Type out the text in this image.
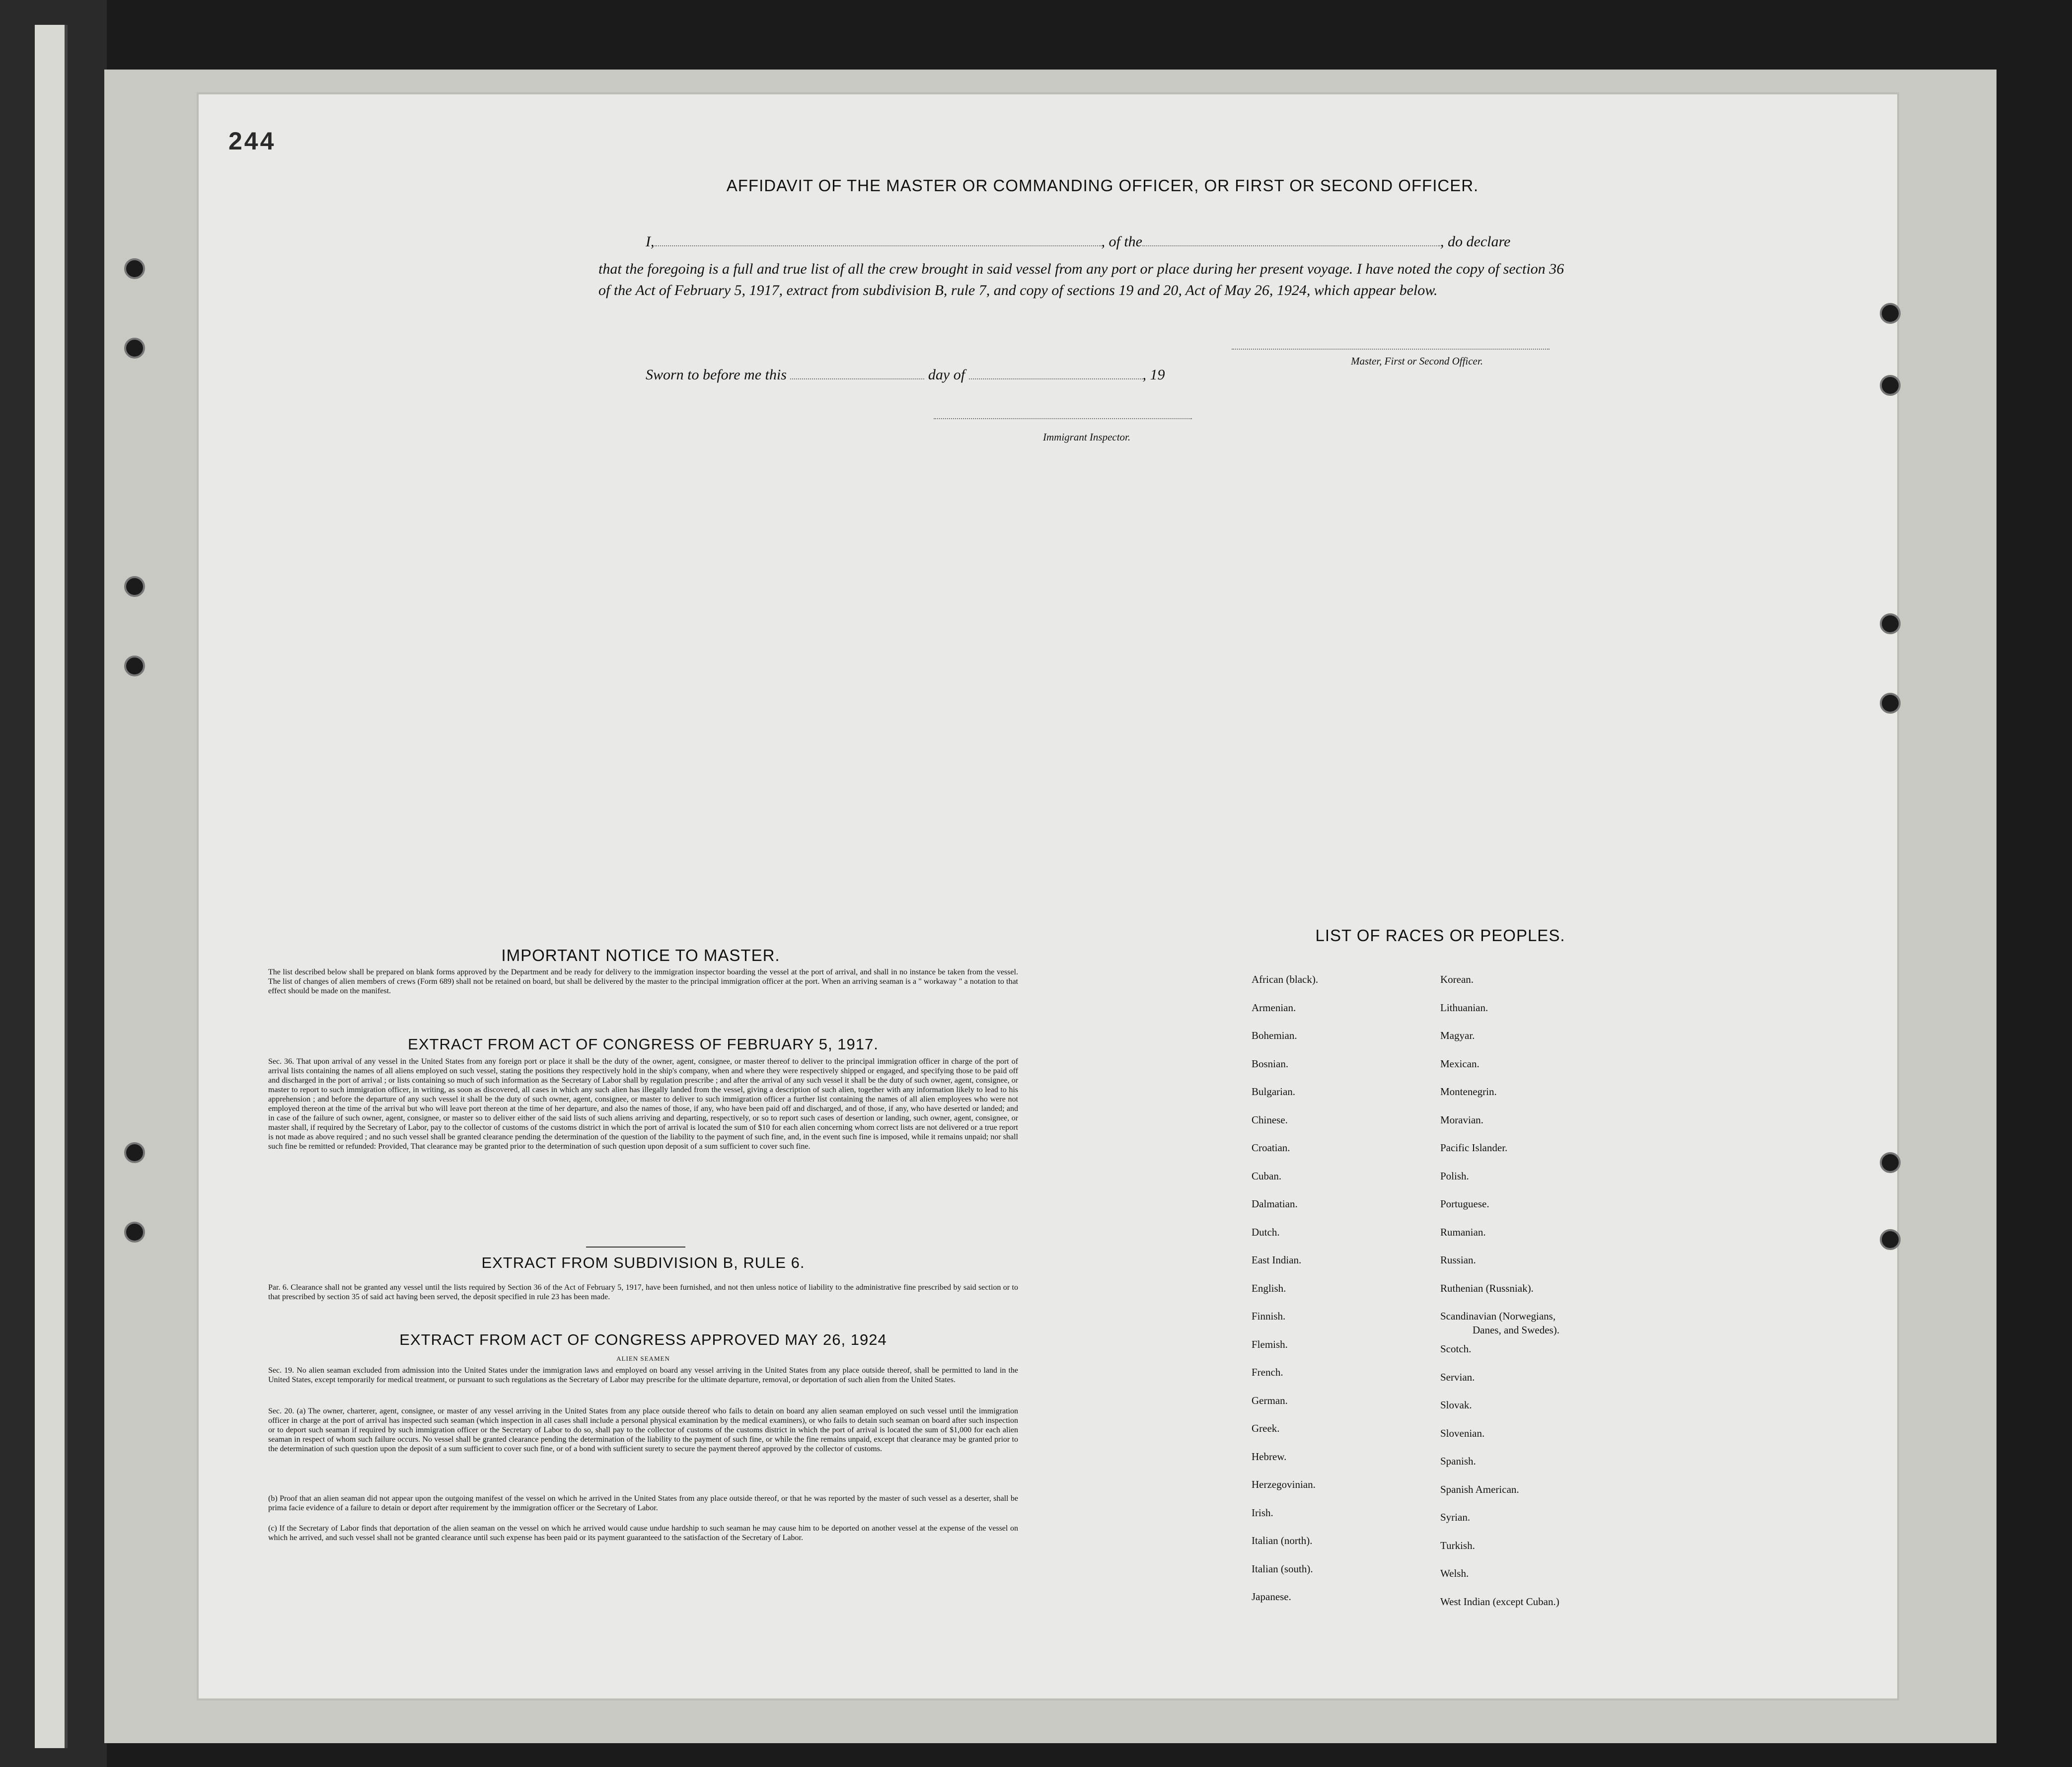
244
AFFIDAVIT OF THE MASTER OR COMMANDING OFFICER, OR FIRST OR SECOND OFFICER.
I,	, of the	, do declare
that the foregoing is a full and true list of all the crew brought in said vessel from any port or place during her present voyage. I have noted the copy of section 36 of the Act of February 5, 1917, extract from subdivision B, rule 7, and copy of sections 19 and 20, Act of May 26, 1924, which appear below.
Master, First or Second Officer.
Sworn to before me this	day of	, 19
Immigrant Inspector.
IMPORTANT NOTICE TO MASTER.
The list described below shall be prepared on blank forms approved by the Department and be ready for delivery to the immigration inspector boarding the vessel at the port of arrival, and shall in no instance be taken from the vessel. The list of changes of alien members of crews (Form 689) shall not be retained on board, but shall be delivered by the master to the principal immigration officer at the port. When an arriving seaman is a " workaway " a notation to that effect should be made on the manifest.
EXTRACT FROM ACT OF CONGRESS OF FEBRUARY 5, 1917.
Sec. 36. That upon arrival of any vessel in the United States from any foreign port or place it shall be the duty of the owner, agent, consignee, or master thereof to deliver to the principal immigration officer in charge of the port of arrival lists containing the names of all aliens employed on such vessel, stating the positions they respectively hold in the ship's company, when and where they were respectively shipped or engaged, and specifying those to be paid off and discharged in the port of arrival ; or lists containing so much of such information as the Secretary of Labor shall by regulation prescribe ; and after the arrival of any such vessel it shall be the duty of such owner, agent, consignee, or master to report to such immigration officer, in writing, as soon as discovered, all cases in which any such alien has illegally landed from the vessel, giving a description of such alien, together with any information likely to lead to his apprehension ; and before the departure of any such vessel it shall be the duty of such owner, agent, consignee, or master to deliver to such immigration officer a further list containing the names of all alien employees who were not employed thereon at the time of the arrival but who will leave port thereon at the time of her departure, and also the names of those, if any, who have been paid off and discharged, and of those, if any, who have deserted or landed; and in case of the failure of such owner, agent, consignee, or master so to deliver either of the said lists of such aliens arriving and departing, respectively, or so to report such cases of desertion or landing, such owner, agent, consignee, or master shall, if required by the Secretary of Labor, pay to the collector of customs of the customs district in which the port of arrival is located the sum of $10 for each alien concerning whom correct lists are not delivered or a true report is not made as above required ; and no such vessel shall be granted clearance pending the determination of the question of the liability to the payment of such fine, and, in the event such fine is imposed, while it remains unpaid; nor shall such fine be remitted or refunded: Provided, That clearance may be granted prior to the determination of such question upon deposit of a sum sufficient to cover such fine.
EXTRACT FROM SUBDIVISION B, RULE 6.
Par. 6. Clearance shall not be granted any vessel until the lists required by Section 36 of the Act of February 5, 1917, have been furnished, and not then unless notice of liability to the administrative fine prescribed by said section or to that prescribed by section 35 of said act having been served, the deposit specified in rule 23 has been made.
EXTRACT FROM ACT OF CONGRESS APPROVED MAY 26, 1924
ALIEN SEAMEN
Sec. 19. No alien seaman excluded from admission into the United States under the immigration laws and employed on board any vessel arriving in the United States from any place outside thereof, shall be permitted to land in the United States, except temporarily for medical treatment, or pursuant to such regulations as the Secretary of Labor may prescribe for the ultimate departure, removal, or deportation of such alien from the United States.
Sec. 20. (a) The owner, charterer, agent, consignee, or master of any vessel arriving in the United States from any place outside thereof who fails to detain on board any alien seaman employed on such vessel until the immigration officer in charge at the port of arrival has inspected such seaman (which inspection in all cases shall include a personal physical examination by the medical examiners), or who fails to detain such seaman on board after such inspection or to deport such seaman if required by such immigration officer or the Secretary of Labor to do so, shall pay to the collector of customs of the customs district in which the port of arrival is located the sum of $1,000 for each alien seaman in respect of whom such failure occurs. No vessel shall be granted clearance pending the determination of the liability to the payment of such fine, or while the fine remains unpaid, except that clearance may be granted prior to the determination of such question upon the deposit of a sum sufficient to cover such fine, or of a bond with sufficient surety to secure the payment thereof approved by the collector of customs.
(b) Proof that an alien seaman did not appear upon the outgoing manifest of the vessel on which he arrived in the United States from any place outside thereof, or that he was reported by the master of such vessel as a deserter, shall be prima facie evidence of a failure to detain or deport after requirement by the immigration officer or the Secretary of Labor.
(c) If the Secretary of Labor finds that deportation of the alien seaman on the vessel on which he arrived would cause undue hardship to such seaman he may cause him to be deported on another vessel at the expense of the vessel on which he arrived, and such vessel shall not be granted clearance until such expense has been paid or its payment guaranteed to the satisfaction of the Secretary of Labor.
LIST OF RACES OR PEOPLES.
African (black).
Armenian.
Bohemian.
Bosnian.
Bulgarian.
Chinese.
Croatian.
Cuban.
Dalmatian.
Dutch.
East Indian.
English.
Finnish.
Flemish.
French.
German.
Greek.
Hebrew.
Herzegovinian.
Irish.
Italian (north).
Italian (south).
Japanese.
Korean.
Lithuanian.
Magyar.
Mexican.
Montenegrin.
Moravian.
Pacific Islander.
Polish.
Portuguese.
Rumanian.
Russian.
Ruthenian (Russniak).
Scandinavian (Norwegians,
Danes, and Swedes).
Scotch.
Servian.
Slovak.
Slovenian.
Spanish.
Spanish American.
Syrian.
Turkish.
Welsh.
West Indian (except Cuban.)
